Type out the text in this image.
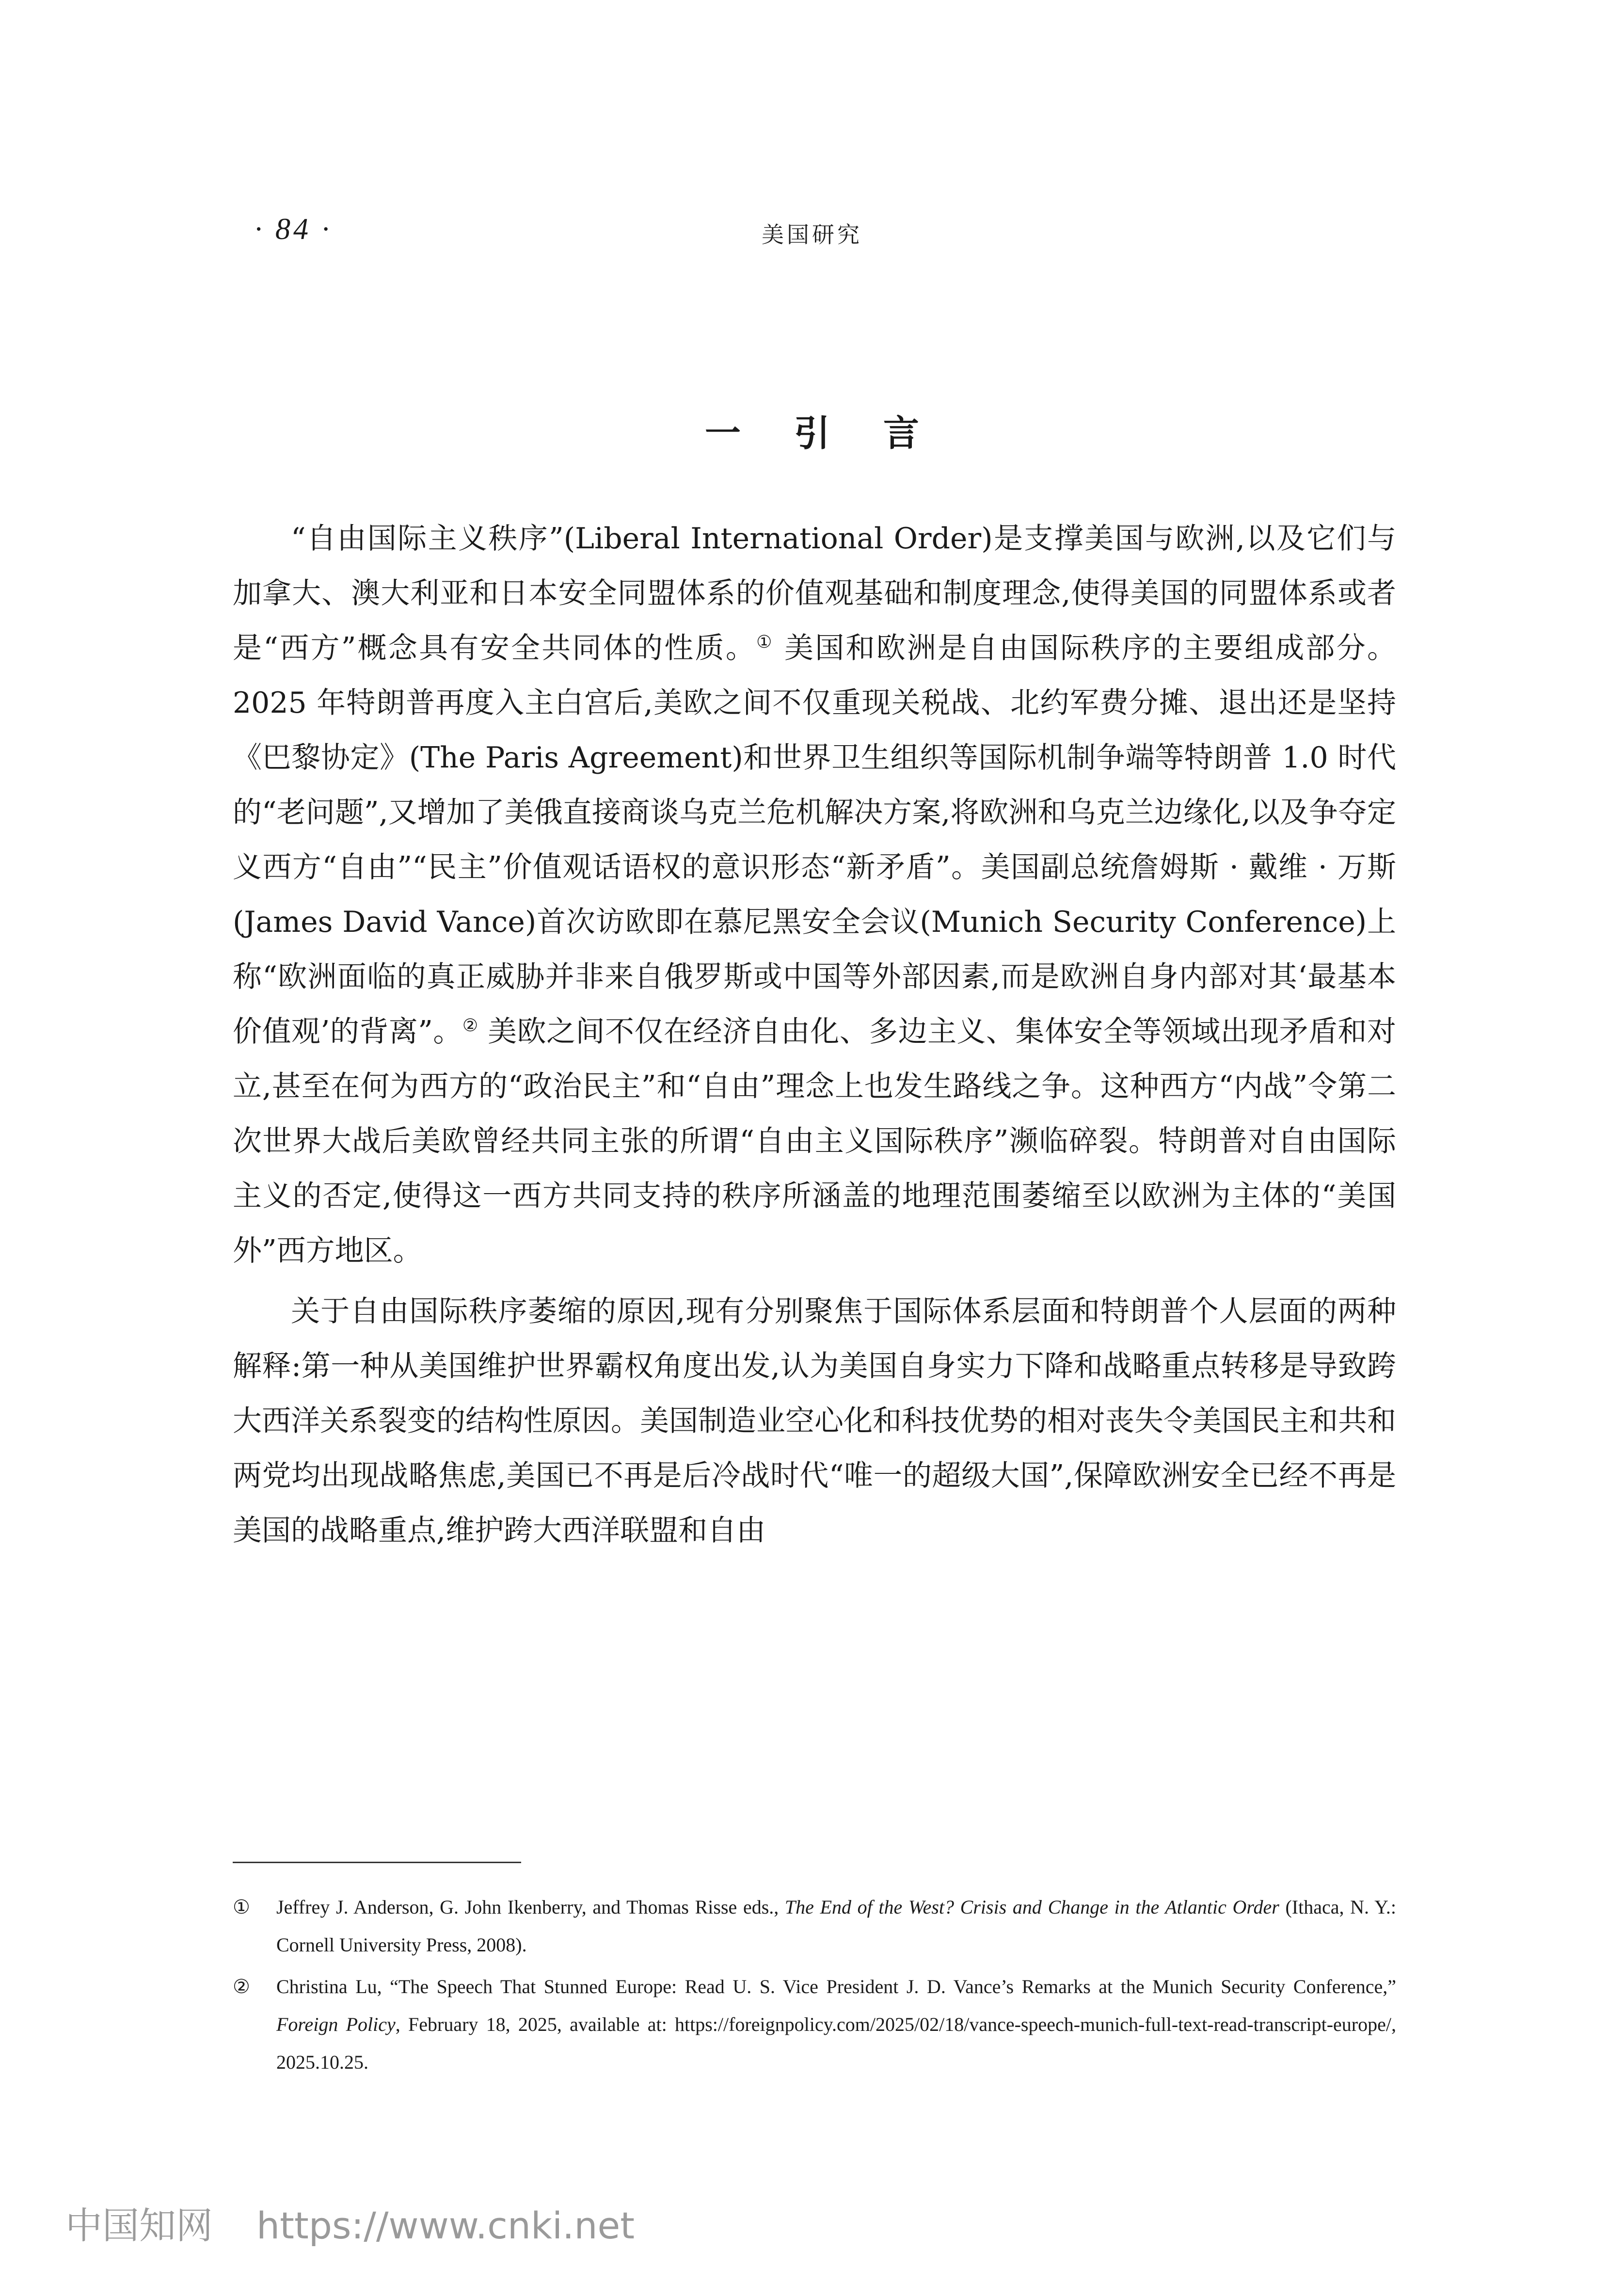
· 84 ·	美国研究
一 引 言

“自由国际主义秩序”(Liberal International Order)是支撑美国与欧洲,以及它们与加拿大、澳大利亚和日本安全同盟体系的价值观基础和制度理念,使得美国的同盟体系或者是“西方”概念具有安全共同体的性质。① 美国和欧洲是自由国际秩序的主要组成部分。2025 年特朗普再度入主白宫后,美欧之间不仅重现关税战、北约军费分摊、退出还是坚持《巴黎协定》(The Paris Agreement)和世界卫生组织等国际机制争端等特朗普 1.0 时代的“老问题”,又增加了美俄直接商谈乌克兰危机解决方案,将欧洲和乌克兰边缘化,以及争夺定义西方“自由”“民主”价值观话语权的意识形态“新矛盾”。美国副总统詹姆斯 · 戴维 · 万斯(James David Vance)首次访欧即在慕尼黑安全会议(Munich Security Conference)上称“欧洲面临的真正威胁并非来自俄罗斯或中国等外部因素,而是欧洲自身内部对其‘最基本价值观’的背离”。② 美欧之间不仅在经济自由化、多边主义、集体安全等领域出现矛盾和对立,甚至在何为西方的“政治民主”和“自由”理念上也发生路线之争。这种西方“内战”令第二次世界大战后美欧曾经共同主张的所谓“自由主义国际秩序”濒临碎裂。特朗普对自由国际主义的否定,使得这一西方共同支持的秩序所涵盖的地理范围萎缩至以欧洲为主体的“美国外”西方地区。

关于自由国际秩序萎缩的原因,现有分别聚焦于国际体系层面和特朗普个人层面的两种解释:第一种从美国维护世界霸权角度出发,认为美国自身实力下降和战略重点转移是导致跨大西洋关系裂变的结构性原因。美国制造业空心化和科技优势的相对丧失令美国民主和共和两党均出现战略焦虑,美国已不再是后冷战时代“唯一的超级大国”,保障欧洲安全已经不再是美国的战略重点,维护跨大西洋联盟和自由

① Jeffrey J. Anderson, G. John Ikenberry, and Thomas Risse eds., The End of the West? Crisis and Change in the Atlantic Order (Ithaca, N. Y.: Cornell University Press, 2008).
② Christina Lu, “The Speech That Stunned Europe: Read U. S. Vice President J. D. Vance’s Remarks at the Munich Security Conference,” Foreign Policy, February 18, 2025, available at: https://foreignpolicy.com/2025/02/18/vance-speech-munich-full-text-read-transcript-europe/, 2025.10.25.
中国知网 https://www.cnki.net
